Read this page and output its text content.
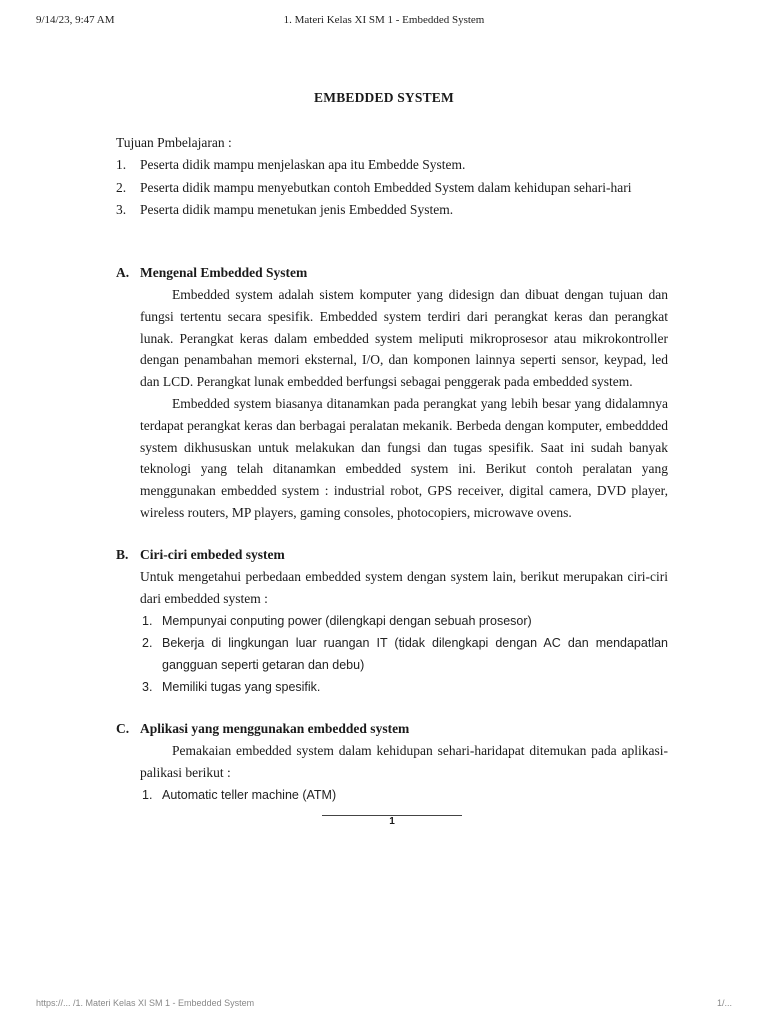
9/14/23, 9:47 AM	1. Materi Kelas XI SM 1 - Embedded System
EMBEDDED SYSTEM
Tujuan Pmbelajaran :
1. Peserta didik mampu menjelaskan apa itu Embedde System.
2. Peserta didik mampu menyebutkan contoh Embedded System dalam kehidupan sehari-hari
3. Peserta didik mampu menetukan jenis Embedded System.
A. Mengenal Embedded System

Embedded system adalah sistem komputer yang didesign dan dibuat dengan tujuan dan fungsi tertentu secara spesifik. Embedded system terdiri dari perangkat keras dan perangkat lunak. Perangkat keras dalam embedded system meliputi mikroprosesor atau mikrokontroller dengan penambahan memori eksternal, I/O, dan komponen lainnya seperti sensor, keypad, led dan LCD. Perangkat lunak embedded berfungsi sebagai penggerak pada embedded system.

Embedded system biasanya ditanamkan pada perangkat yang lebih besar yang didalamnya terdapat perangkat keras dan berbagai peralatan mekanik. Berbeda dengan komputer, embeddded system dikhususkan untuk melakukan dan fungsi dan tugas spesifik. Saat ini sudah banyak teknologi yang telah ditanamkan embedded system ini. Berikut contoh peralatan yang menggunakan embedded system : industrial robot, GPS receiver, digital camera, DVD player, wireless routers, MP players, gaming consoles, photocopiers, microwave ovens.

B. Ciri-ciri embeded system

Untuk mengetahui perbedaan embedded system dengan system lain, berikut merupakan ciri-ciri dari embedded system :

1. Mempunyai conputing power (dilengkapi dengan sebuah prosesor)
2. Bekerja di lingkungan luar ruangan IT (tidak dilengkapi dengan AC dan mendapatlan gangguan seperti getaran dan debu)
3. Memiliki tugas yang spesifik.
C. Aplikasi yang menggunakan embedded system

Pemakaian embedded system dalam kehidupan sehari-haridapat ditemukan pada aplikasi-palikasi berikut :

1. Automatic teller machine (ATM)
1
https://... /1. Materi Kelas XI SM 1 - Embedded System	1/...
